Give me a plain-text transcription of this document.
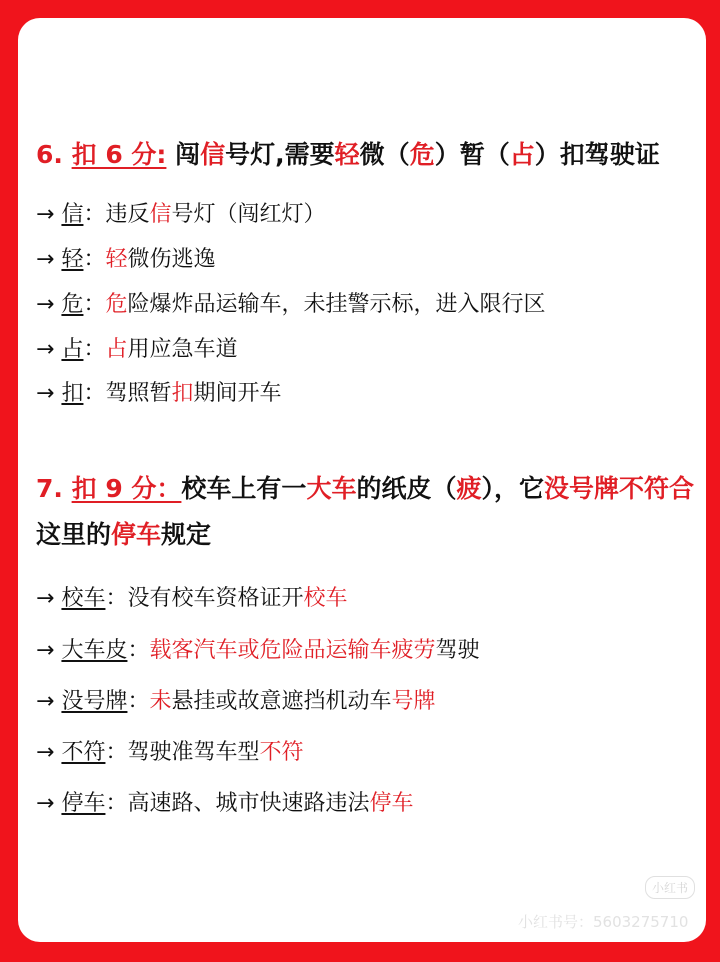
6. 扣 6 分: 闯信号灯,需要轻微（危）暂（占）扣驾驶证
→ 信：违反信号灯（闯红灯）
→ 轻：轻微伤逃逸
→ 危：危险爆炸品运输车，未挂警示标，进入限行区
→ 占：占用应急车道
→ 扣：驾照暂扣期间开车
7. 扣 9 分：校车上有一大车的纸皮（疲），它没号牌不符合这里的停车规定
→ 校车：没有校车资格证开校车
→ 大车皮：载客汽车或危险品运输车疲劳驾驶
→ 没号牌：未悬挂或故意遮挡机动车号牌
→ 不符：驾驶准驾车型不符
→ 停车：高速路、城市快速路违法停车
小红书
小红书号：5603275710
